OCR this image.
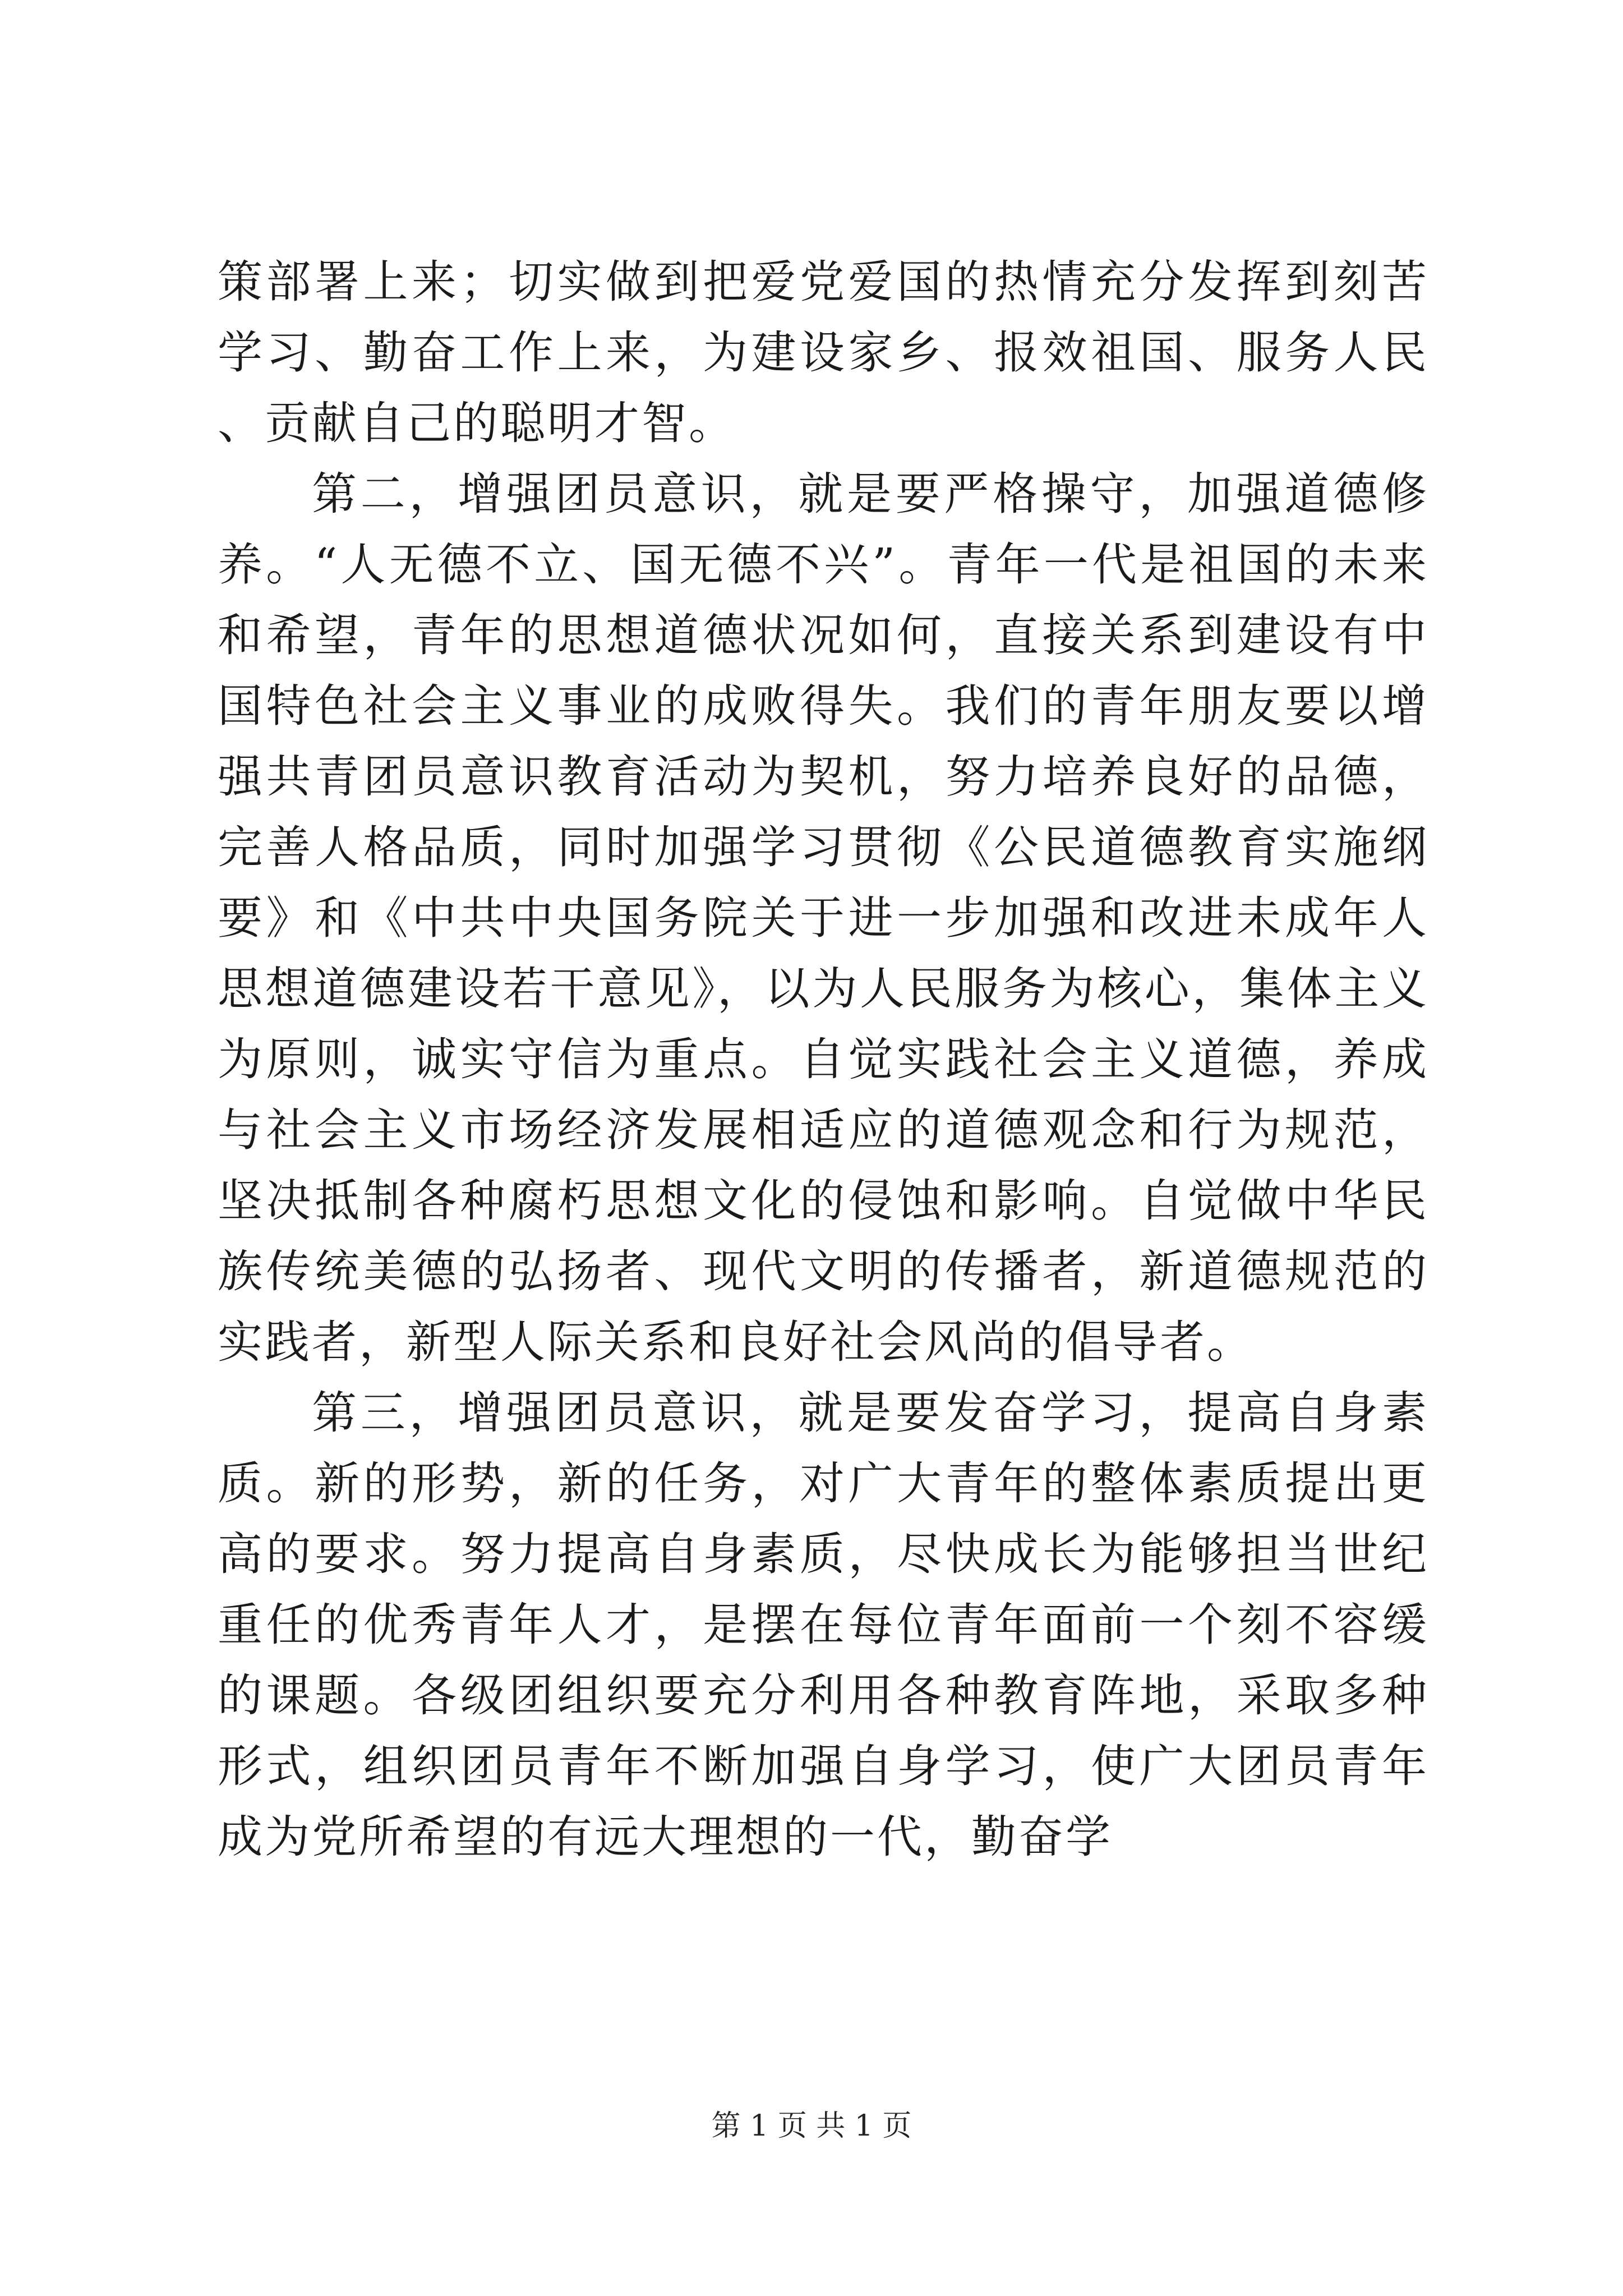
策部署上来；切实做到把爱党爱国的热情充分发挥到刻苦学习、勤奋工作上来，为建设家乡、报效祖国、服务人民、贡献自己的聪明才智。

第二，增强团员意识，就是要严格操守，加强道德修养。“人无德不立、国无德不兴”。青年一代是祖国的未来和希望，青年的思想道德状况如何，直接关系到建设有中国特色社会主义事业的成败得失。我们的青年朋友要以增强共青团员意识教育活动为契机，努力培养良好的品德，完善人格品质，同时加强学习贯彻《公民道德教育实施纲要》和《中共中央国务院关于进一步加强和改进未成年人思想道德建设若干意见》，以为人民服务为核心，集体主义为原则，诚实守信为重点。自觉实践社会主义道德，养成与社会主义市场经济发展相适应的道德观念和行为规范，坚决抵制各种腐朽思想文化的侵蚀和影响。自觉做中华民族传统美德的弘扬者、现代文明的传播者，新道德规范的实践者，新型人际关系和良好社会风尚的倡导者。

第三，增强团员意识，就是要发奋学习，提高自身素质。新的形势，新的任务，对广大青年的整体素质提出更高的要求。努力提高自身素质，尽快成长为能够担当世纪重任的优秀青年人才，是摆在每位青年面前一个刻不容缓的课题。各级团组织要充分利用各种教育阵地，采取多种形式，组织团员青年不断加强自身学习，使广大团员青年成为党所希望的有远大理想的一代，勤奋学

第 1 页 共 1 页
